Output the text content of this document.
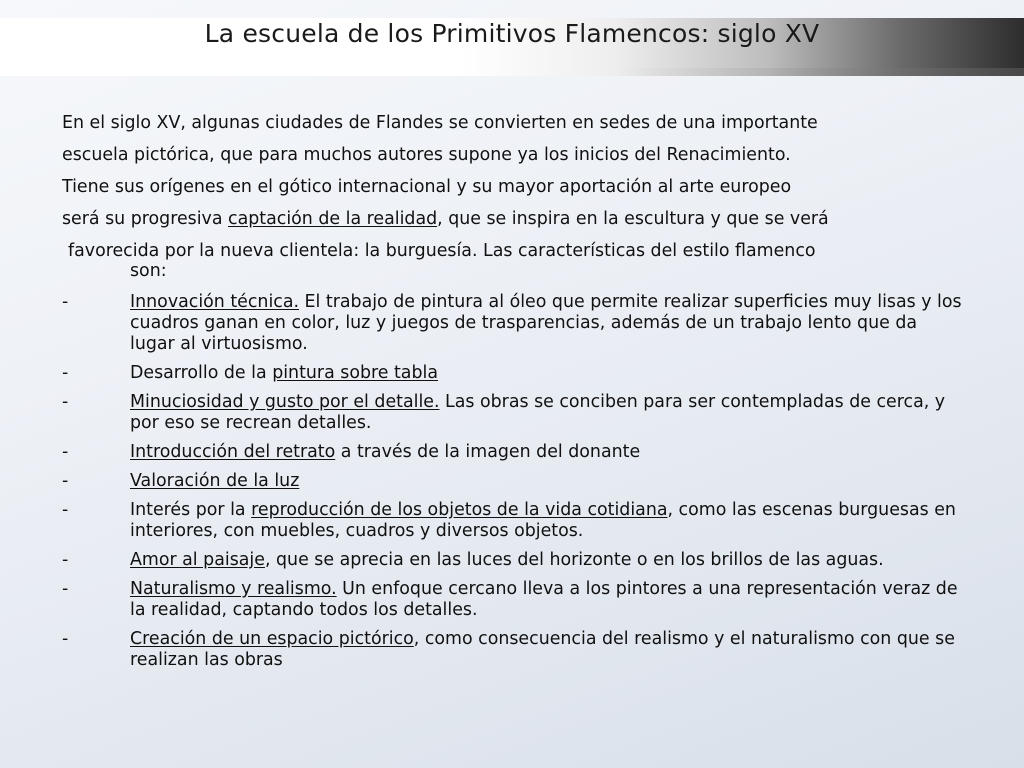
La escuela de los Primitivos Flamencos: siglo XV

En el siglo XV, algunas ciudades de Flandes se convierten en sedes de una importante

escuela pictórica, que para muchos autores supone ya los inicios del Renacimiento.

Tiene sus orígenes en el gótico internacional y su mayor aportación al arte europeo

será su progresiva captación de la realidad, que se inspira en la escultura y que se verá

favorecida por la nueva clientela: la burguesía. Las características del estilo flamenco
son:

-	Innovación técnica. El trabajo de pintura al óleo que permite realizar superficies muy lisas y los cuadros ganan en color, luz y juegos de trasparencias, además de un trabajo lento que da lugar al virtuosismo.
-	Desarrollo de la pintura sobre tabla
-	Minuciosidad y gusto por el detalle. Las obras se conciben para ser contempladas de cerca, y por eso se recrean detalles.
-	Introducción del retrato a través de la imagen del donante
-	Valoración de la luz
-	Interés por la reproducción de los objetos de la vida cotidiana, como las escenas burguesas en interiores, con muebles, cuadros y diversos objetos.
-	Amor al paisaje, que se aprecia en las luces del horizonte o en los brillos de las aguas.
-	Naturalismo y realismo. Un enfoque cercano lleva a los pintores a una representación veraz de la realidad, captando todos los detalles.
-	Creación de un espacio pictórico, como consecuencia del realismo y el naturalismo con que se realizan las obras
